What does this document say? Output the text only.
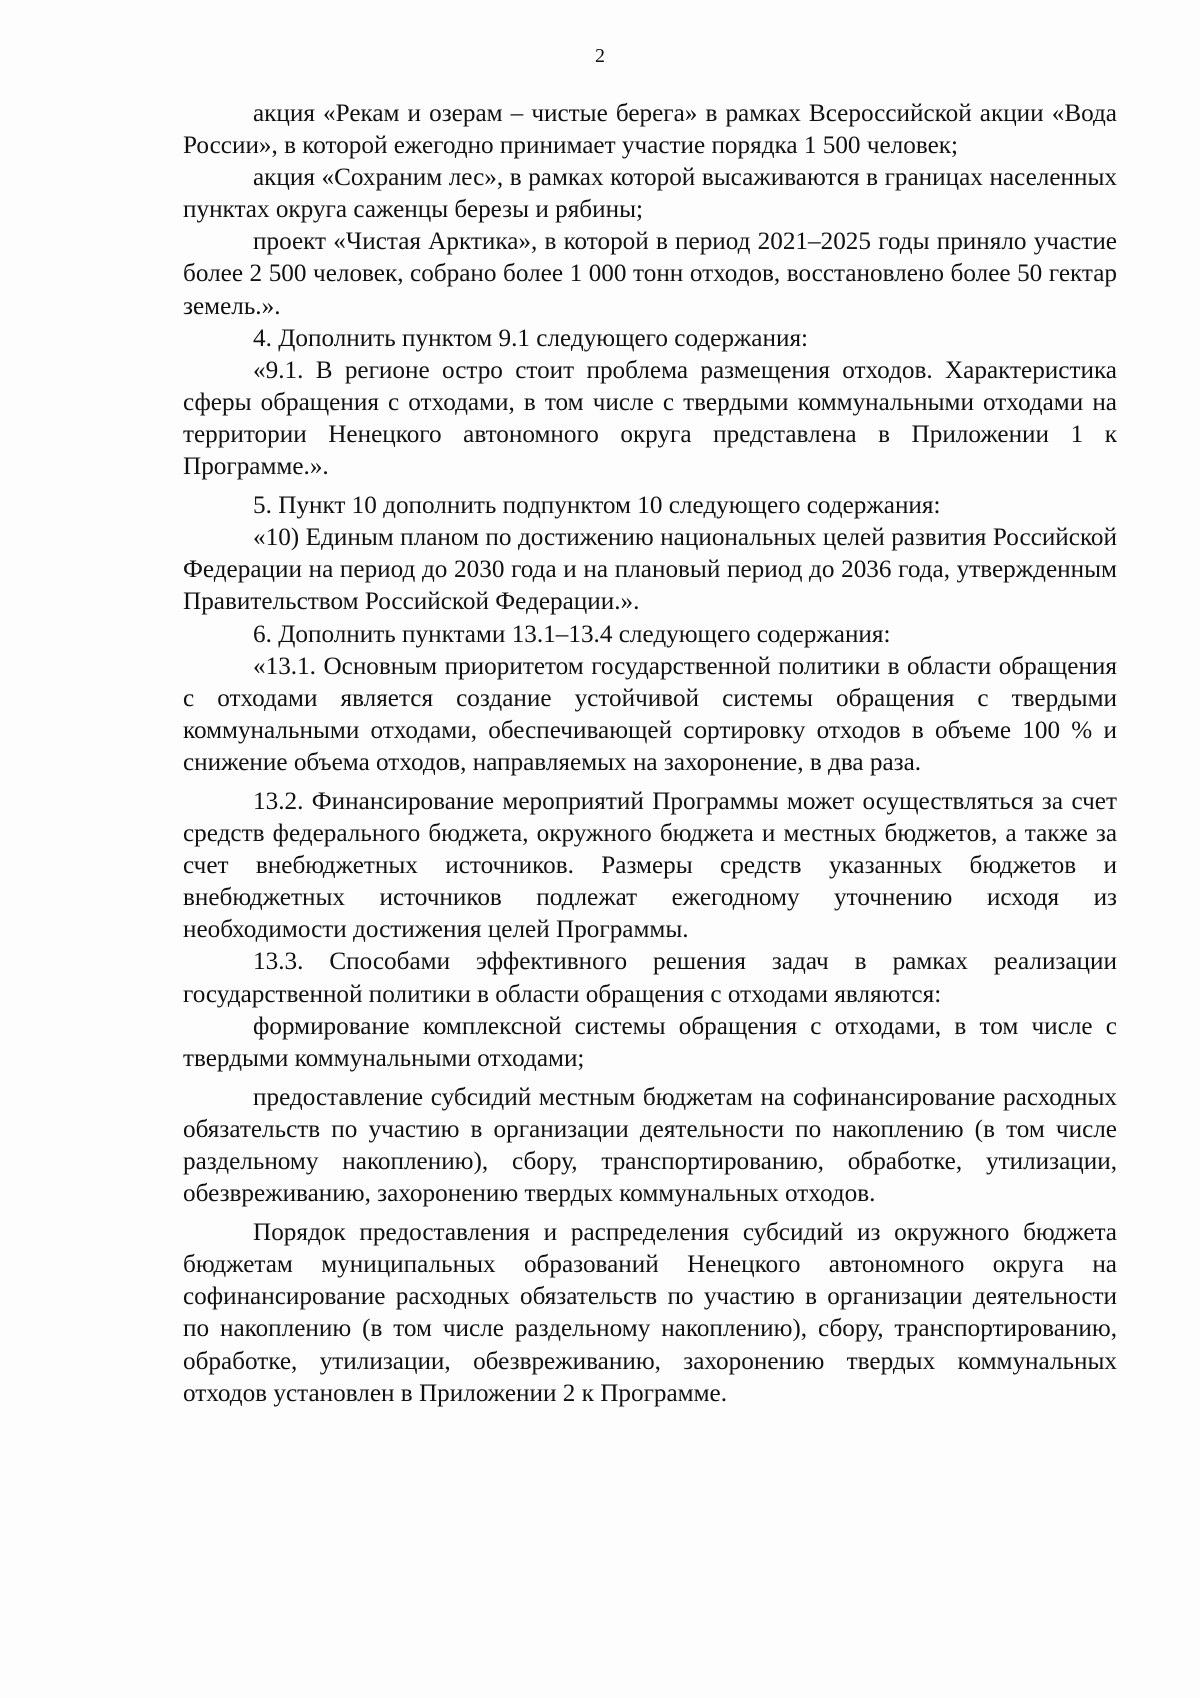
2

акция «Рекам и озерам – чистые берега» в рамках Всероссийской акции «Вода России», в которой ежегодно принимает участие порядка 1 500 человек;

акция «Сохраним лес», в рамках которой высаживаются в границах населенных пунктах округа саженцы березы и рябины;

проект «Чистая Арктика», в которой в период 2021–2025 годы приняло участие более 2 500 человек, собрано более 1 000 тонн отходов, восстановлено более 50 гектар земель.».

4. Дополнить пунктом 9.1 следующего содержания:

«9.1. В регионе остро стоит проблема размещения отходов. Характеристика сферы обращения с отходами, в том числе с твердыми коммунальными отходами на территории Ненецкого автономного округа представлена в Приложении 1 к Программе.».

5. Пункт 10 дополнить подпунктом 10 следующего содержания:

«10) Единым планом по достижению национальных целей развития Российской Федерации на период до 2030 года и на плановый период до 2036 года, утвержденным Правительством Российской Федерации.».

6. Дополнить пунктами 13.1–13.4 следующего содержания:

«13.1. Основным приоритетом государственной политики в области обращения с отходами является создание устойчивой системы обращения с твердыми коммунальными отходами, обеспечивающей сортировку отходов в объеме 100 % и снижение объема отходов, направляемых на захоронение, в два раза.

13.2. Финансирование мероприятий Программы может осуществляться за счет средств федерального бюджета, окружного бюджета и местных бюджетов, а также за счет внебюджетных источников. Размеры средств указанных бюджетов и внебюджетных источников подлежат ежегодному уточнению исходя из необходимости достижения целей Программы.

13.3. Способами эффективного решения задач в рамках реализации государственной политики в области обращения с отходами являются:

формирование комплексной системы обращения с отходами, в том числе с твердыми коммунальными отходами;

предоставление субсидий местным бюджетам на софинансирование расходных обязательств по участию в организации деятельности по накоплению (в том числе раздельному накоплению), сбору, транспортированию, обработке, утилизации, обезвреживанию, захоронению твердых коммунальных отходов.

Порядок предоставления и распределения субсидий из окружного бюджета бюджетам муниципальных образований Ненецкого автономного округа на софинансирование расходных обязательств по участию в организации деятельности по накоплению (в том числе раздельному накоплению), сбору, транспортированию, обработке, утилизации, обезвреживанию, захоронению твердых коммунальных отходов установлен в Приложении 2 к Программе.
